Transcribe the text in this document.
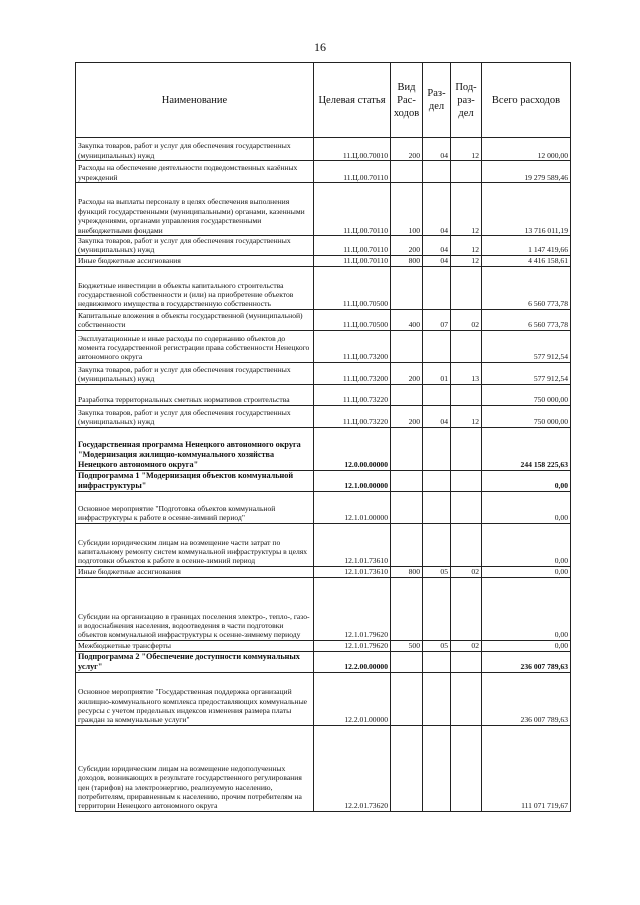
16
Наименование	Целевая статья	Вид Рас-ходов	Раз-дел	Под-раз-дел	Всего расходов
Закупка товаров, работ и услуг для обеспечения государственных (муниципальных) нужд	11.Ц.00.70010	200	04	12	12 000,00
Расходы на обеспечение деятельности подведомственных казённых учреждений	11.Ц.00.70110				19 279 589,46
Расходы на выплаты персоналу в целях обеспечения выполнения функций государственными (муниципальными) органами, казенными учреждениями, органами управления государственными внебюджетными фондами	11.Ц.00.70110	100	04	12	13 716 011,19
Закупка товаров, работ и услуг для обеспечения государственных (муниципальных) нужд	11.Ц.00.70110	200	04	12	1 147 419,66
Иные бюджетные ассигнования	11.Ц.00.70110	800	04	12	4 416 158,61
Бюджетные инвестиции в объекты капитального строительства государственной собственности и (или) на приобретение объектов недвижимого имущества в государственную собственность	11.Ц.00.70500				6 560 773,78
Капитальные вложения в объекты государственной (муниципальной) собственности	11.Ц.00.70500	400	07	02	6 560 773,78
Эксплуатационные и иные расходы по содержанию объектов до момента государственной регистрации права собственности Ненецкого автономного округа	11.Ц.00.73200				577 912,54
Закупка товаров, работ и услуг для обеспечения государственных (муниципальных) нужд	11.Ц.00.73200	200	01	13	577 912,54
Разработка территориальных сметных нормативов строительства	11.Ц.00.73220				750 000,00
Закупка товаров, работ и услуг для обеспечения государственных (муниципальных) нужд	11.Ц.00.73220	200	04	12	750 000,00
Государственная программа Ненецкого автономного округа "Модернизация жилищно-коммунального хозяйства Ненецкого автономного округа"	12.0.00.00000				244 158 225,63
Подпрограмма 1 "Модернизация объектов коммунальной инфраструктуры"	12.1.00.00000				0,00
Основное мероприятие "Подготовка объектов коммунальной инфраструктуры к работе в осенне-зимний период"	12.1.01.00000				0,00
Субсидии юридическим лицам на возмещение части затрат по капитальному ремонту систем коммунальной инфраструктуры в целях подготовки объектов к работе в осенне-зимний период	12.1.01.73610				0,00
Иные бюджетные ассигнования	12.1.01.73610	800	05	02	0,00
Субсидии на организацию в границах поселения электро-, тепло-, газо- и водоснабжения населения, водоотведения в части подготовки объектов коммунальной инфраструктуры к осенне-зимнему периоду	12.1.01.79620				0,00
Межбюджетные трансферты	12.1.01.79620	500	05	02	0,00
Подпрограмма 2 "Обеспечение доступности коммунальных услуг"	12.2.00.00000				236 007 789,63
Основное мероприятие "Государственная поддержка организаций жилищно-коммунального комплекса предоставляющих коммунальные ресурсы с учетом предельных индексов изменения размера платы граждан за коммунальные услуги"	12.2.01.00000				236 007 789,63
Субсидии юридическим лицам на возмещение недополученных доходов, возникающих в результате государственного регулирования цен (тарифов) на электроэнергию, реализуемую населению, потребителям, приравненным к населению, прочим потребителям на территории Ненецкого автономного округа	12.2.01.73620				111 071 719,67
